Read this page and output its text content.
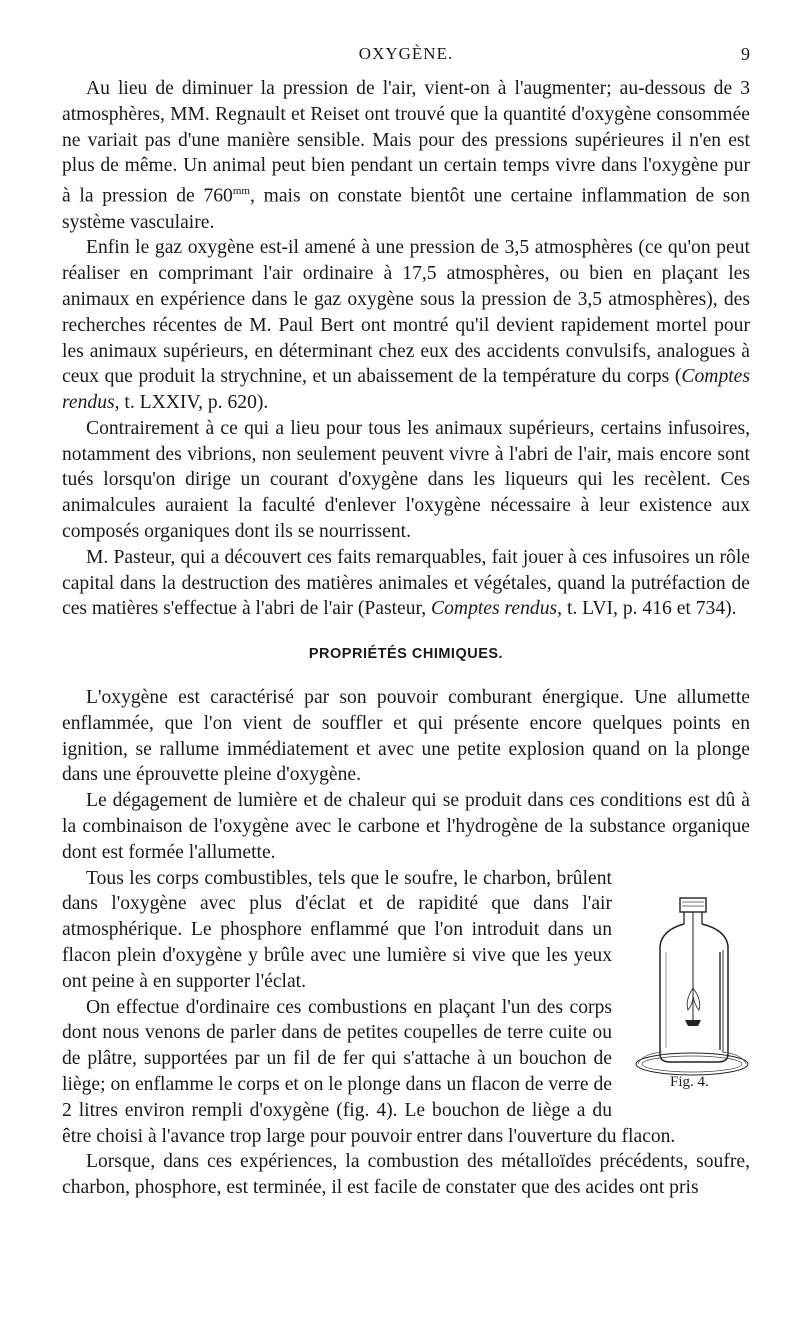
OXYGÈNE.	9

Au lieu de diminuer la pression de l'air, vient-on à l'augmenter; au-dessous de 3 atmosphères, MM. Regnault et Reiset ont trouvé que la quantité d'oxygène consommée ne variait pas d'une manière sensible. Mais pour des pressions supérieures il n'en est plus de même. Un animal peut bien pendant un certain temps vivre dans l'oxygène pur à la pression de $760^{mm}$, mais on constate bientôt une certaine inflammation de son système vasculaire.

Enfin le gaz oxygène est-il amené à une pression de 3,5 atmosphères (ce qu'on peut réaliser en comprimant l'air ordinaire à 17,5 atmosphères, ou bien en plaçant les animaux en expérience dans le gaz oxygène sous la pression de 3,5 atmosphères), des recherches récentes de M. Paul Bert ont montré qu'il devient rapidement mortel pour les animaux supérieurs, en déterminant chez eux des accidents convulsifs, analogues à ceux que produit la strychnine, et un abaissement de la température du corps (Comptes rendus, t. LXXIV, p. 620).

Contrairement à ce qui a lieu pour tous les animaux supérieurs, certains infusoires, notamment des vibrions, non seulement peuvent vivre à l'abri de l'air, mais encore sont tués lorsqu'on dirige un courant d'oxygène dans les liqueurs qui les recèlent. Ces animalcules auraient la faculté d'enlever l'oxygène nécessaire à leur existence aux composés organiques dont ils se nourrissent.

M. Pasteur, qui a découvert ces faits remarquables, fait jouer à ces infusoires un rôle capital dans la destruction des matières animales et végétales, quand la putréfaction de ces matières s'effectue à l'abri de l'air (Pasteur, Comptes rendus, t. LVI, p. 416 et 734).

PROPRIÉTÉS CHIMIQUES.

L'oxygène est caractérisé par son pouvoir comburant énergique. Une allumette enflammée, que l'on vient de souffler et qui présente encore quelques points en ignition, se rallume immédiatement et avec une petite explosion quand on la plonge dans une éprouvette pleine d'oxygène.

Le dégagement de lumière et de chaleur qui se produit dans ces conditions est dû à la combinaison de l'oxygène avec le carbone et l'hydrogène de la substance organique dont est formée l'allumette.

Fig. 4.

Tous les corps combustibles, tels que le soufre, le charbon, brûlent dans l'oxygène avec plus d'éclat et de rapidité que dans l'air atmosphérique. Le phosphore enflammé que l'on introduit dans un flacon plein d'oxygène y brûle avec une lumière si vive que les yeux ont peine à en supporter l'éclat.

On effectue d'ordinaire ces combustions en plaçant l'un des corps dont nous venons de parler dans de petites coupelles de terre cuite ou de plâtre, supportées par un fil de fer qui s'attache à un bouchon de liège; on enflamme le corps et on le plonge dans un flacon de verre de 2 litres environ rempli d'oxygène (fig. 4). Le bouchon de liège a du être choisi à l'avance trop large pour pouvoir entrer dans l'ouverture du flacon.

Lorsque, dans ces expériences, la combustion des métalloïdes précédents, soufre, charbon, phosphore, est terminée, il est facile de constater que des acides ont pris
